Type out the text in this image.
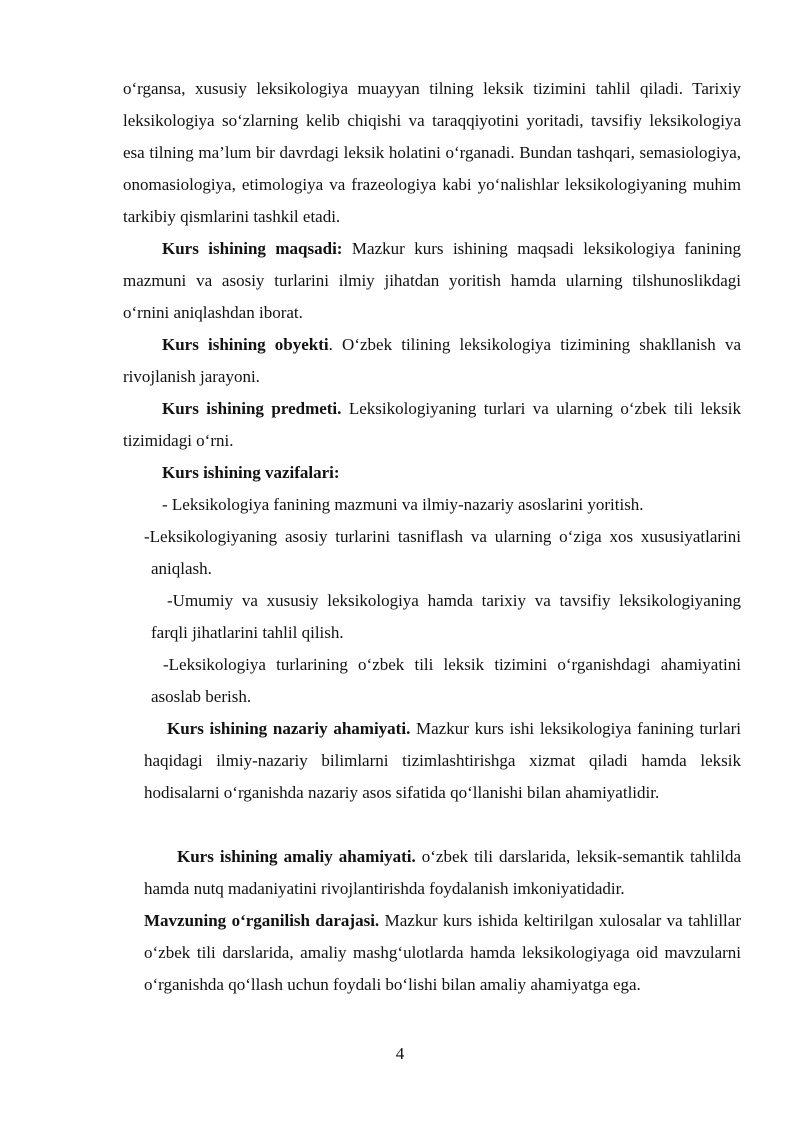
o‘rgansa, xususiy leksikologiya muayyan tilning leksik tizimini tahlil qiladi. Tarixiy leksikologiya so‘zlarning kelib chiqishi va taraqqiyotini yoritadi, tavsifiy leksikologiya esa tilning ma’lum bir davrdagi leksik holatini o‘rganadi. Bundan tashqari, semasiologiya, onomasiologiya, etimologiya va frazeologiya kabi yo‘nalishlar leksikologiyaning muhim tarkibiy qismlarini tashkil etadi.

Kurs ishining maqsadi: Mazkur kurs ishining maqsadi leksikologiya fanining mazmuni va asosiy turlarini ilmiy jihatdan yoritish hamda ularning tilshunoslikdagi o‘rnini aniqlashdan iborat.

Kurs ishining obyekti. O‘zbek tilining leksikologiya tizimining shakllanish va rivojlanish jarayoni.

Kurs ishining predmeti. Leksikologiyaning turlari va ularning o‘zbek tili leksik tizimidagi o‘rni.

Kurs ishining vazifalari:

- Leksikologiya fanining mazmuni va ilmiy-nazariy asoslarini yoritish.

-Leksikologiyaning asosiy turlarini tasniflash va ularning o‘ziga xos xususiyatlarini aniqlash.

-Umumiy va xususiy leksikologiya hamda tarixiy va tavsifiy leksikologiyaning farqli jihatlarini tahlil qilish.

-Leksikologiya turlarining o‘zbek tili leksik tizimini o‘rganishdagi ahamiyatini asoslab berish.

Kurs ishining nazariy ahamiyati. Mazkur kurs ishi leksikologiya fanining turlari haqidagi ilmiy-nazariy bilimlarni tizimlashtirishga xizmat qiladi hamda leksik hodisalarni o‘rganishda nazariy asos sifatida qo‘llanishi bilan ahamiyatlidir.

Kurs ishining amaliy ahamiyati. o‘zbek tili darslarida, leksik-semantik tahlilda hamda nutq madaniyatini rivojlantirishda foydalanish imkoniyatidadir.

Mavzuning o‘rganilish darajasi. Mazkur kurs ishida keltirilgan xulosalar va tahlillar o‘zbek tili darslarida, amaliy mashg‘ulotlarda hamda leksikologiyaga oid mavzularni o‘rganishda qo‘llash uchun foydali bo‘lishi bilan amaliy ahamiyatga ega.

4
